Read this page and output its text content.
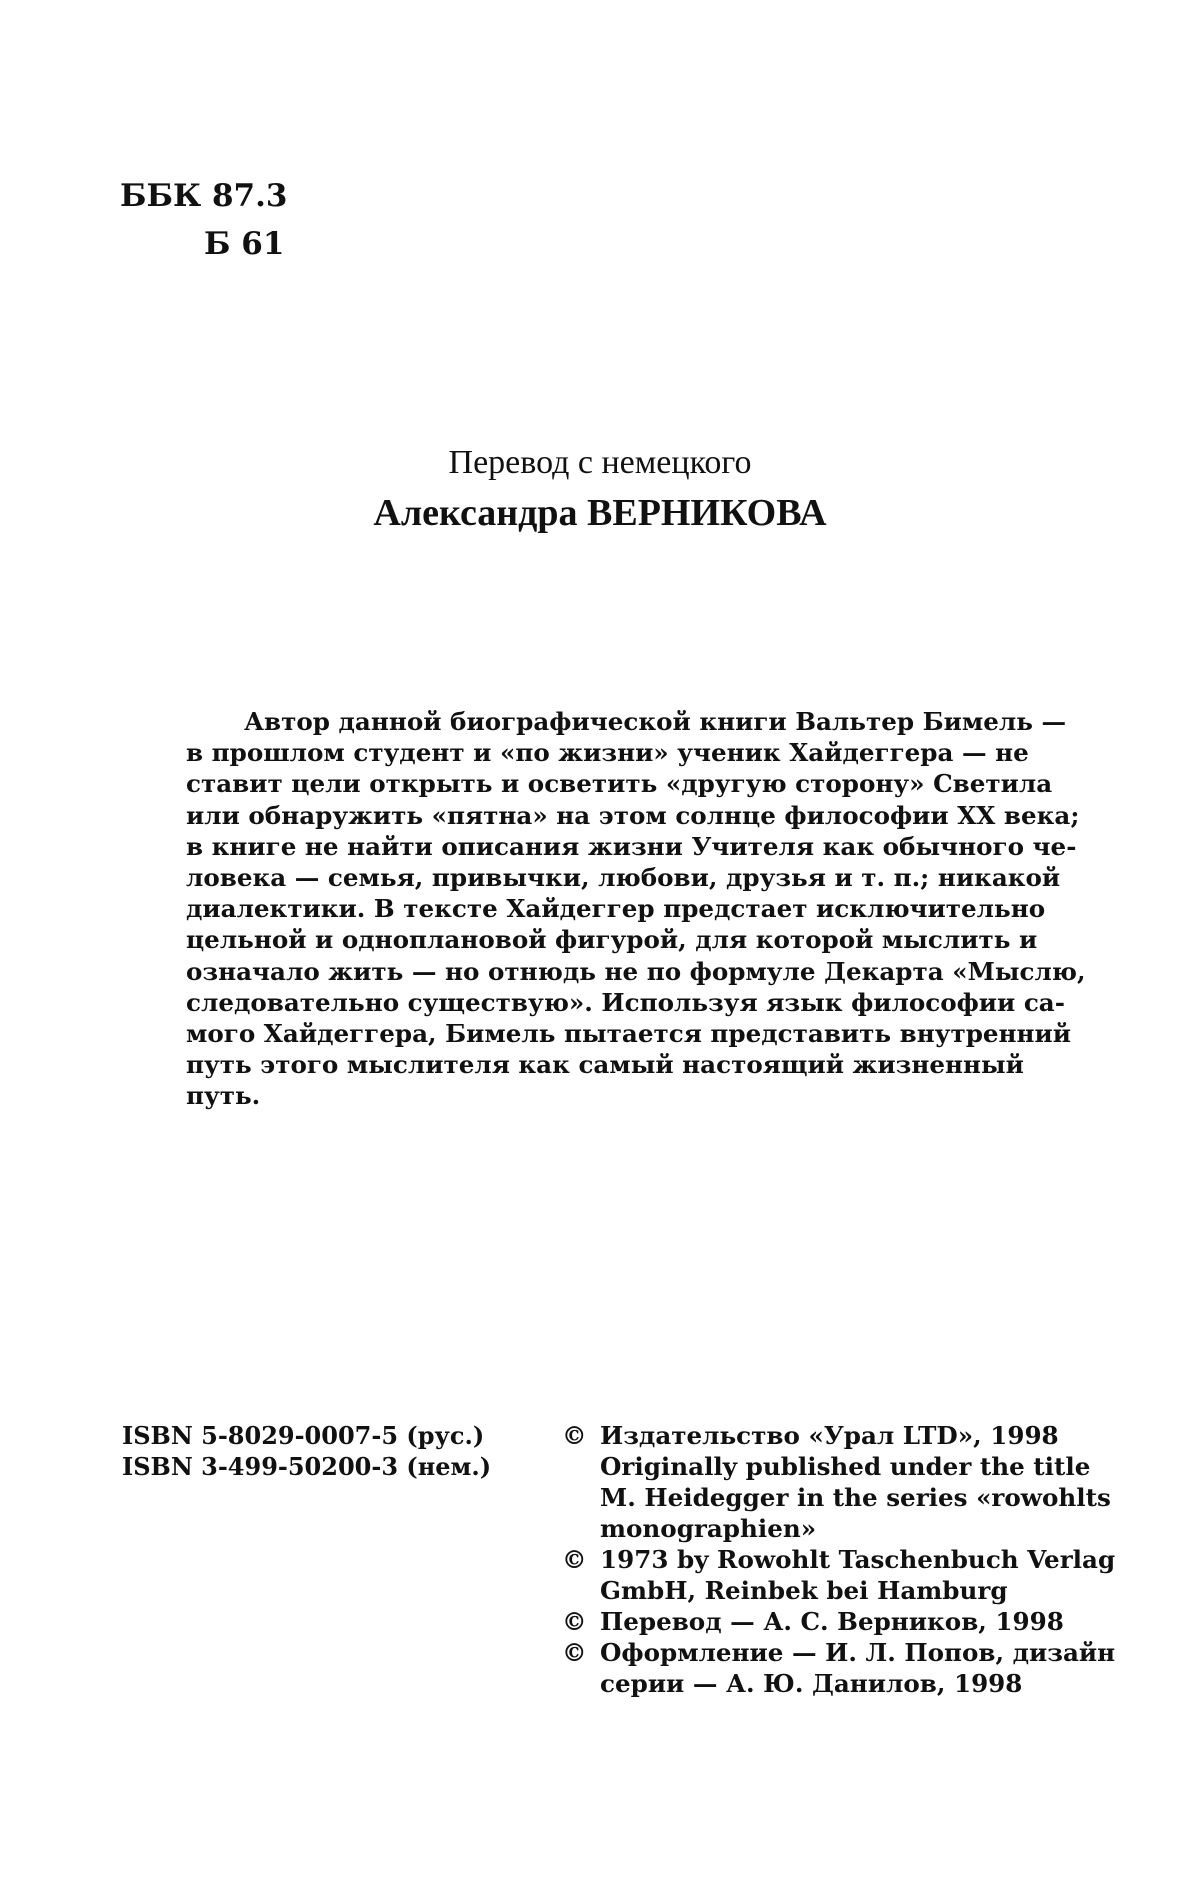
ББК 87.3
Б 61
Перевод с немецкого
Александра ВЕРНИКОВА
Автор данной биографической книги Вальтер Бимель —
в прошлом студент и «по жизни» ученик Хайдеггера — не
ставит цели открыть и осветить «другую сторону» Светила
или обнаружить «пятна» на этом солнце философии XX века;
в книге не найти описания жизни Учителя как обычного че-
ловека — семья, привычки, любови, друзья и т. п.; никакой
диалектики. В тексте Хайдеггер предстает исключительно
цельной и одноплановой фигурой, для которой мыслить и
означало жить — но отнюдь не по формуле Декарта «Мыслю,
следовательно существую». Используя язык философии са-
мого Хайдеггера, Бимель пытается представить внутренний
путь этого мыслителя как самый настоящий жизненный
путь.
ISBN 5-8029-0007-5 (рус.)
ISBN 3-499-50200-3 (нем.)
© Издательство «Урал LTD», 1998
Originally published under the title
M. Heidegger in the series «rowohlts
monographien»
© 1973 by Rowohlt Taschenbuch Verlag
GmbH, Reinbek bei Hamburg
© Перевод — А. С. Верников, 1998
© Оформление — И. Л. Попов, дизайн
серии — А. Ю. Данилов, 1998
